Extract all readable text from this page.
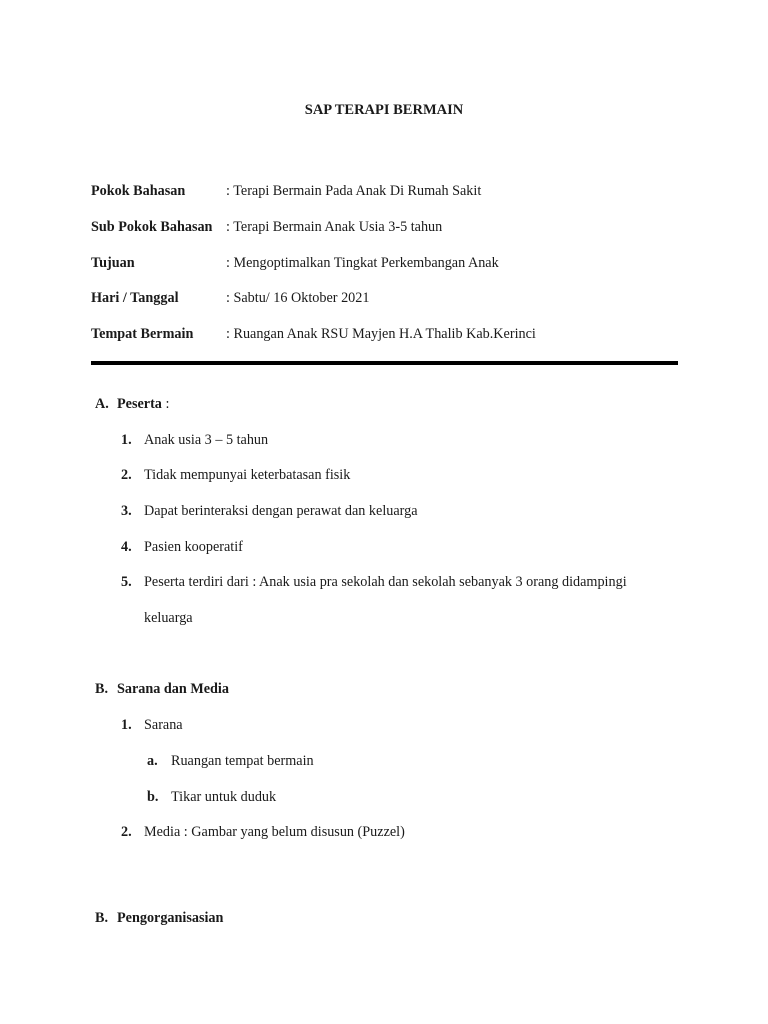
SAP TERAPI BERMAIN
Pokok Bahasan	: Terapi Bermain Pada Anak Di Rumah Sakit
Sub Pokok Bahasan : Terapi Bermain Anak Usia 3-5 tahun
Tujuan	: Mengoptimalkan Tingkat Perkembangan Anak
Hari / Tanggal	: Sabtu/ 16 Oktober 2021
Tempat Bermain : Ruangan Anak RSU Mayjen H.A Thalib Kab.Kerinci
A. Peserta :
1. Anak usia 3 – 5 tahun
2. Tidak mempunyai keterbatasan fisik
3. Dapat berinteraksi dengan perawat dan keluarga
4. Pasien kooperatif
5. Peserta terdiri dari : Anak usia pra sekolah dan sekolah sebanyak 3 orang didampingi
keluarga
B. Sarana dan Media
1. Sarana
a. Ruangan tempat bermain
b. Tikar untuk duduk
2. Media : Gambar yang belum disusun (Puzzel)
B. Pengorganisasian
